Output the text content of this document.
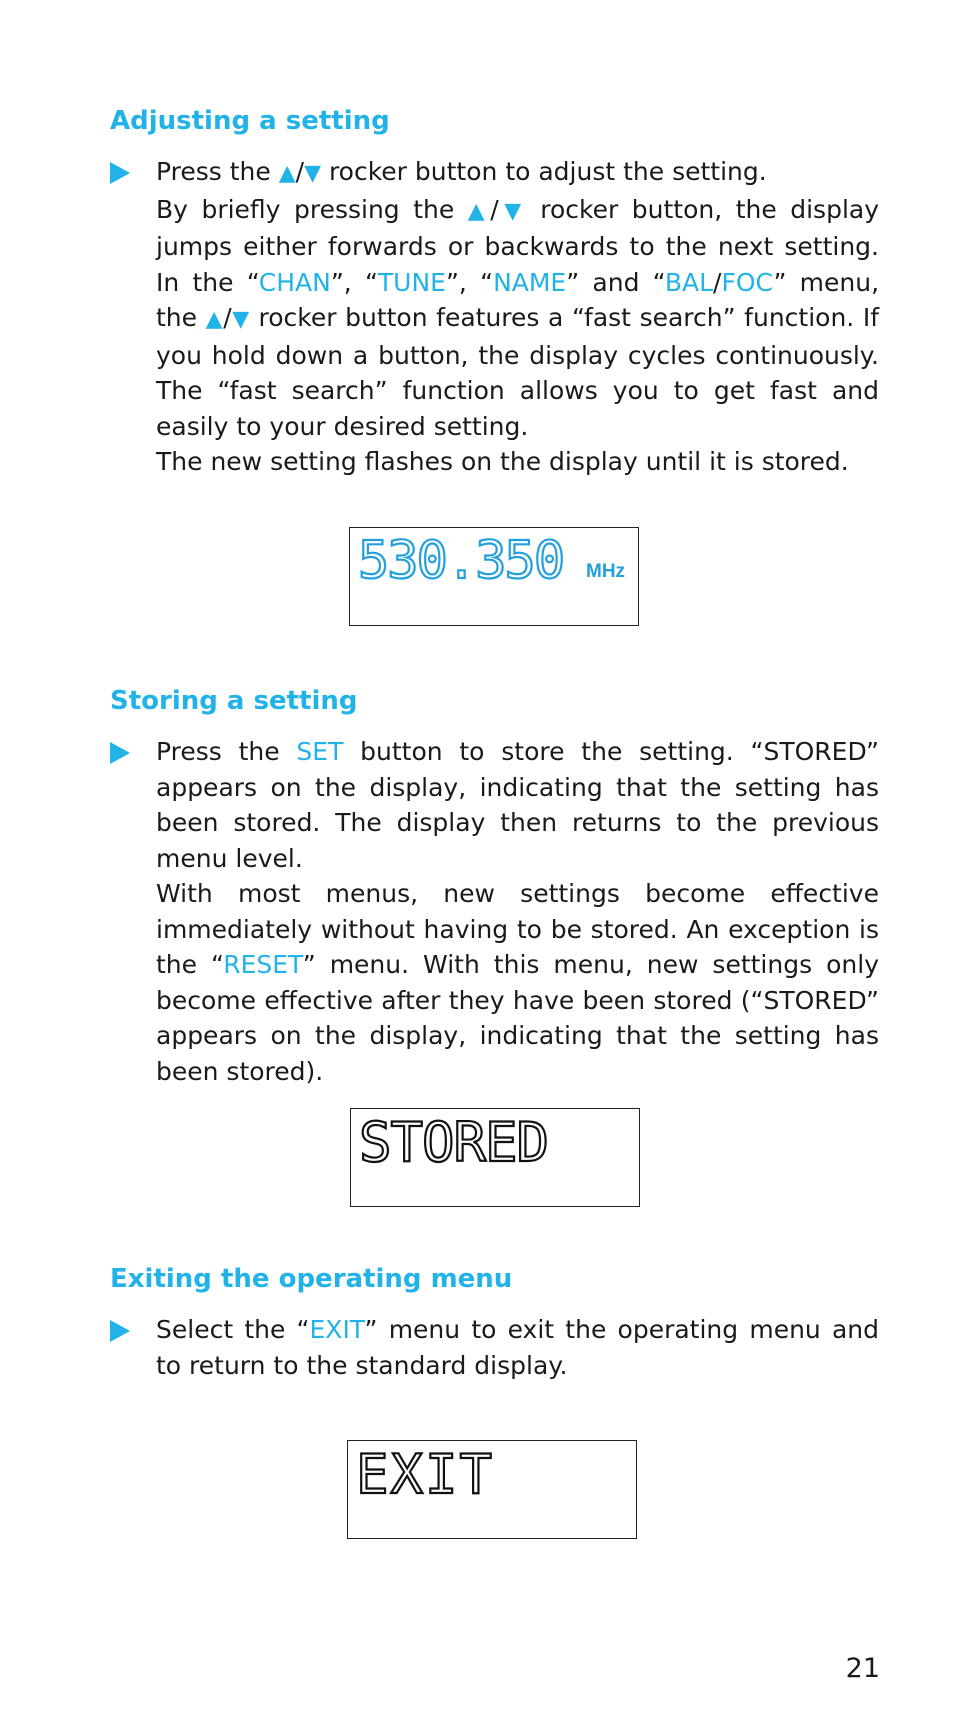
Adjusting a setting
Press the ▲/▼ rocker button to adjust the setting.
By briefly pressing the ▲/▼ rocker button, the display jumps either forwards or backwards to the next setting. In the “CHAN”, “TUNE”, “NAME” and “BAL/FOC” menu, the ▲/▼ rocker button features a “fast search” function. If you hold down a button, the display cycles continuously. The “fast search” function allows you to get fast and easily to your desired setting.
The new setting flashes on the display until it is stored.
530.350 MHz
Storing a setting
Press the SET button to store the setting. “STORED” appears on the display, indicating that the setting has been stored. The display then returns to the previous menu level.
With most menus, new settings become effective immediately without having to be stored. An exception is the “RESET” menu. With this menu, new settings only become effective after they have been stored (“STORED” appears on the display, indicating that the setting has been stored).
STORED
Exiting the operating menu
Select the “EXIT” menu to exit the operating menu and to return to the standard display.
EXIT
21
